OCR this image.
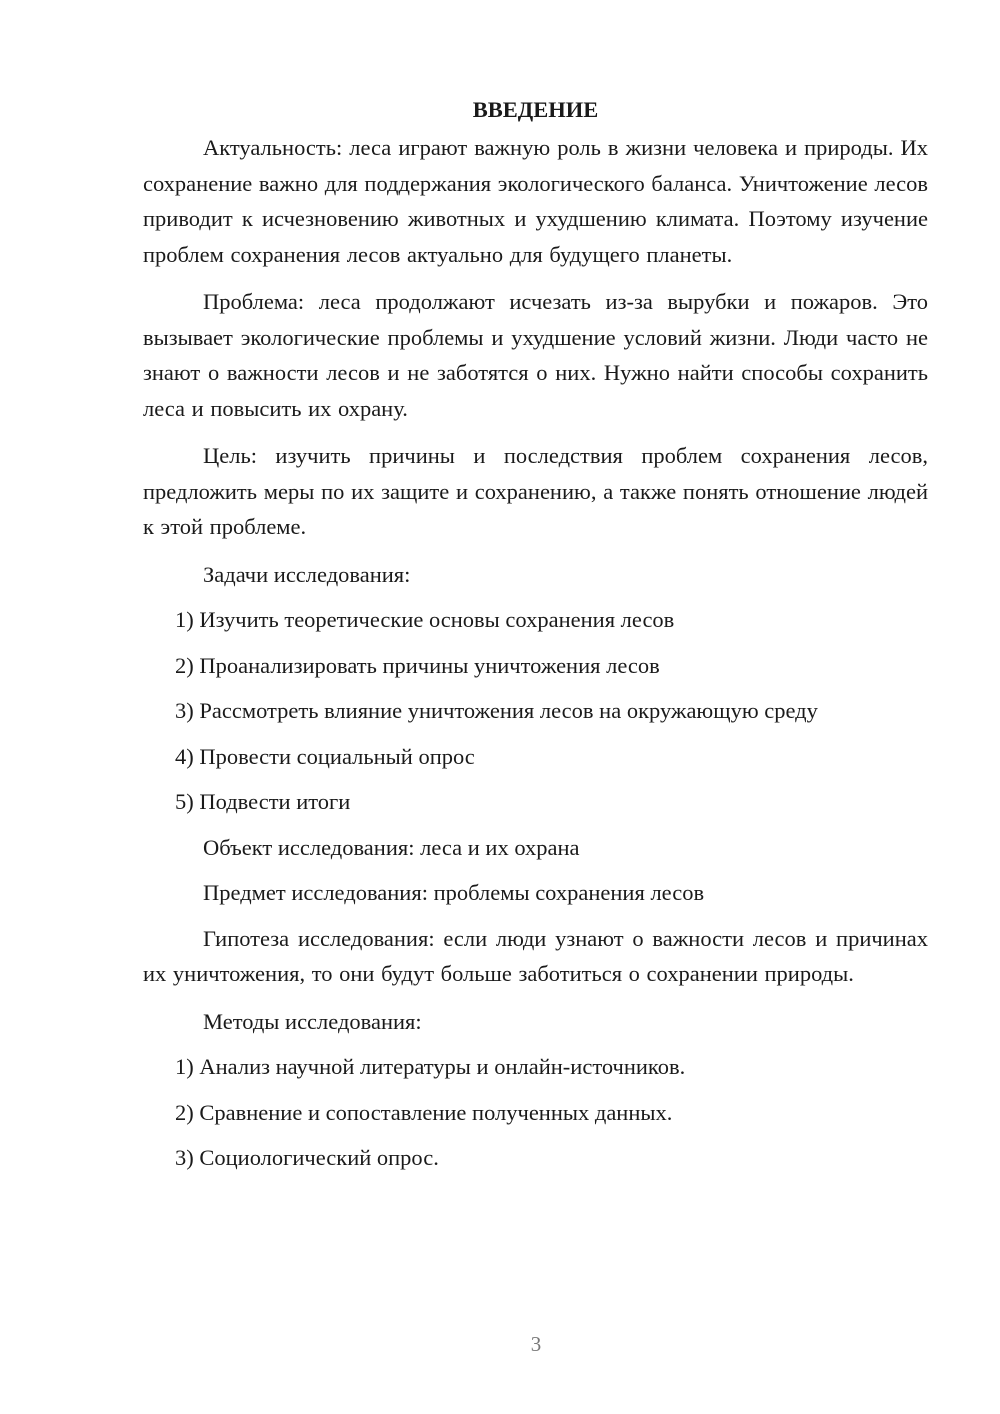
ВВЕДЕНИЕ

Актуальность: леса играют важную роль в жизни человека и природы. Их сохранение важно для поддержания экологического баланса. Уничтожение лесов приводит к исчезновению животных и ухудшению климата. Поэтому изучение проблем сохранения лесов актуально для будущего планеты.

Проблема: леса продолжают исчезать из-за вырубки и пожаров. Это вызывает экологические проблемы и ухудшение условий жизни. Люди часто не знают о важности лесов и не заботятся о них. Нужно найти способы сохранить леса и повысить их охрану.

Цель: изучить причины и последствия проблем сохранения лесов, предложить меры по их защите и сохранению, а также понять отношение людей к этой проблеме.

Задачи исследования:
1) Изучить теоретические основы сохранения лесов
2) Проанализировать причины уничтожения лесов
3) Рассмотреть влияние уничтожения лесов на окружающую среду
4) Провести социальный опрос
5) Подвести итоги
Объект исследования: леса и их охрана
Предмет исследования: проблемы сохранения лесов

Гипотеза исследования: если люди узнают о важности лесов и причинах их уничтожения, то они будут больше заботиться о сохранении природы.

Методы исследования:
1) Анализ научной литературы и онлайн-источников.
2) Сравнение и сопоставление полученных данных.
3) Социологический опрос.
3
